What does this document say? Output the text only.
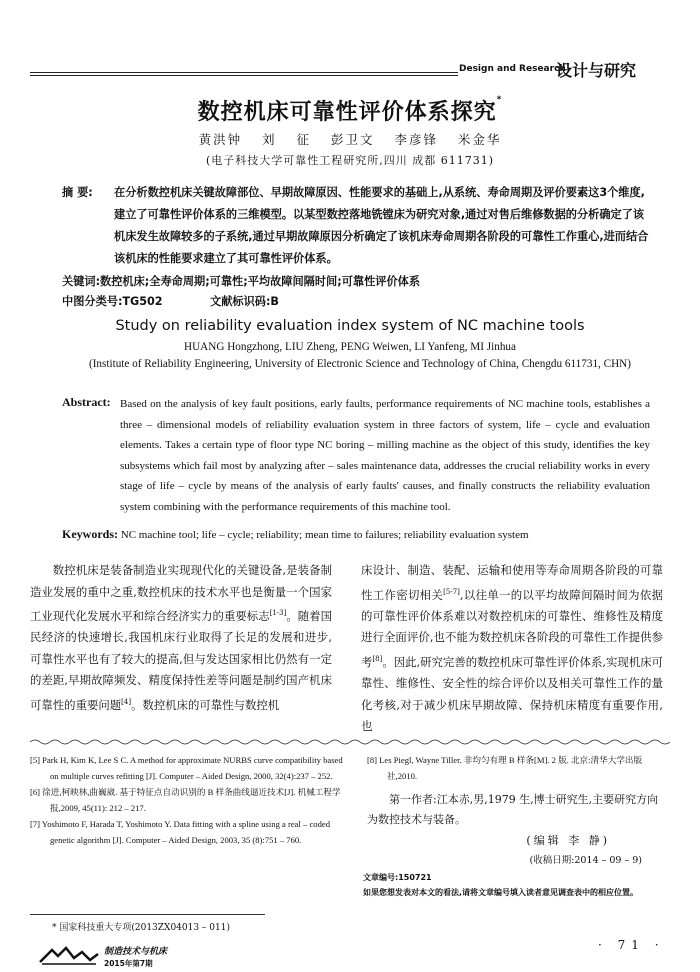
Design and Research
设计与研究
数控机床可靠性评价体系探究*
黄洪钟 刘 征 彭卫文 李彦锋 米金华
(电子科技大学可靠性工程研究所,四川 成都 611731)
摘 要: 在分析数控机床关键故障部位、早期故障原因、性能要求的基础上,从系统、寿命周期及评价要素这3个维度,建立了可靠性评价体系的三维模型。以某型数控落地铣镗床为研究对象,通过对售后维修数据的分析确定了该机床发生故障较多的子系统,通过早期故障原因分析确定了该机床寿命周期各阶段的可靠性工作重心,进而结合该机床的性能要求建立了其可靠性评价体系。
关键词:数控机床;全寿命周期;可靠性;平均故障间隔时间;可靠性评价体系
中图分类号:TG502	文献标识码:B
Study on reliability evaluation index system of NC machine tools
HUANG Hongzhong, LIU Zheng, PENG Weiwen, LI Yanfeng, MI Jinhua
(Institute of Reliability Engineering, University of Electronic Science and Technology of China, Chengdu 611731, CHN)
Abstract: Based on the analysis of key fault positions, early faults, performance requirements of NC machine tools, establishes a three – dimensional models of reliability evaluation system in three factors of system, life – cycle and evaluation elements. Takes a certain type of floor type NC boring – milling machine as the object of this study, identifies the key subsystems which fail most by analyzing after – sales maintenance data, addresses the crucial reliability works in every stage of life – cycle by means of the analysis of early faults' causes, and finally constructs the reliability evaluation system combining with the performance requirements of this machine tool.
Keywords: NC machine tool; life – cycle; reliability; mean time to failures; reliability evaluation system

数控机床是装备制造业实现现代化的关键设备,是装备制造业发展的重中之重,数控机床的技术水平也是衡量一个国家工业现代化发展水平和综合经济实力的重要标志[1-3]。随着国民经济的快速增长,我国机床行业取得了长足的发展和进步,可靠性水平也有了较大的提高,但与发达国家相比仍然有一定的差距,早期故障频发、精度保持性差等问题是制约国产机床可靠性的重要问题[4]。数控机床的可靠性与数控机

床设计、制造、装配、运输和使用等寿命周期各阶段的可靠性工作密切相关[5-7],以往单一的以平均故障间隔时间为依据的可靠性评价体系难以对数控机床的可靠性、维修性及精度进行全面评价,也不能为数控机床各阶段的可靠性工作提供参考[8]。因此,研究完善的数控机床可靠性评价体系,实现机床可靠性、维修性、安全性的综合评价以及相关可靠性工作的量化考核,对于减少机床早期故障、保持机床精度有重要作用,也

[5] Park H, Kim K, Lee S C. A method for approximate NURBS curve compatibility based on multiple curves refitting [J]. Computer – Aided Design, 2000, 32(4):237 – 252.

[6] 徐进,柯映林,曲巍崴. 基于特征点自动识别的 B 样条曲线逼近技术[J]. 机械工程学报,2009, 45(11): 212 – 217.

[7] Yoshimoto F, Harada T, Yoshimoto Y. Data fitting with a spline using a real – coded genetic algorithm [J]. Computer – Aided Design, 2003, 35 (8):751 – 760.

[8] Les Piegl, Wayne Tiller. 非均匀有理 B 样条[M]. 2 版. 北京:清华大学出版社,2010.

第一作者:江本赤,男,1979 生,博士研究生,主要研究方向为数控技术与装备。
(编辑 李 静)
(收稿日期:2014 – 09 – 9)
文章编号:150721
如果您想发表对本文的看法,请将文章编号填入读者意见调查表中的相应位置。
* 国家科技重大专项(2013ZX04013 – 011)
制造技术与机床
2015年第7期
· 71 ·
